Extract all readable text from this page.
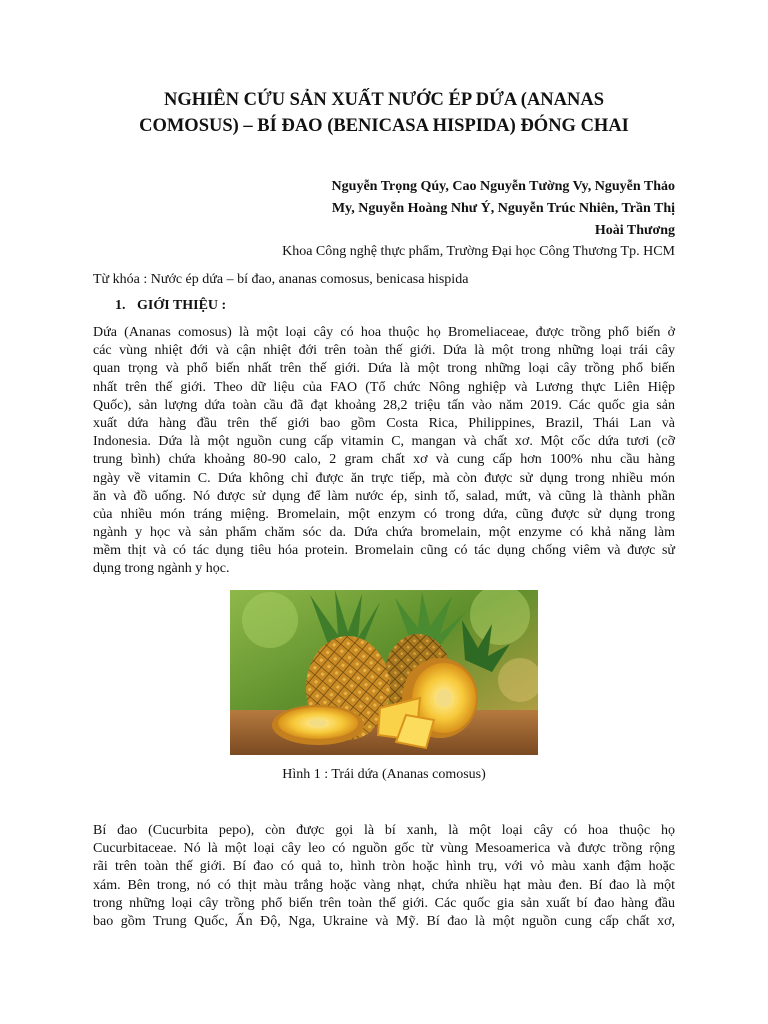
NGHIÊN CỨU SẢN XUẤT NƯỚC ÉP DỨA (ANANAS
COMOSUS) – BÍ ĐAO (BENICASA HISPIDA) ĐÓNG CHAI
Nguyễn Trọng Qúy, Cao Nguyễn Tường Vy, Nguyễn Thảo
My, Nguyễn Hoàng Như Ý, Nguyễn Trúc Nhiên, Trần Thị
Hoài Thương
Khoa Công nghệ thực phẩm, Trường Đại học Công Thương Tp. HCM
Từ khóa : Nước ép dứa – bí đao, ananas comosus, benicasa hispida
1. GIỚI THIỆU :
Dứa (Ananas comosus) là một loại cây có hoa thuộc họ Bromeliaceae, được trồng phổ biến ở
các vùng nhiệt đới và cận nhiệt đới trên toàn thế giới. Dứa là một trong những loại trái cây
quan trọng và phổ biến nhất trên thế giới. Dứa là một trong những loại cây trồng phổ biến
nhất trên thế giới. Theo dữ liệu của FAO (Tổ chức Nông nghiệp và Lương thực Liên Hiệp
Quốc), sản lượng dứa toàn cầu đã đạt khoảng 28,2 triệu tấn vào năm 2019. Các quốc gia sản
xuất dứa hàng đầu trên thế giới bao gồm Costa Rica, Philippines, Brazil, Thái Lan và
Indonesia. Dứa là một nguồn cung cấp vitamin C, mangan và chất xơ. Một cốc dứa tươi (cỡ
trung bình) chứa khoảng 80-90 calo, 2 gram chất xơ và cung cấp hơn 100% nhu cầu hàng
ngày về vitamin C. Dứa không chỉ được ăn trực tiếp, mà còn được sử dụng trong nhiều món
ăn và đồ uống. Nó được sử dụng để làm nước ép, sinh tố, salad, mứt, và cũng là thành phần
của nhiều món tráng miệng. Bromelain, một enzym có trong dứa, cũng được sử dụng trong
ngành y học và sản phẩm chăm sóc da. Dứa chứa bromelain, một enzyme có khả năng làm
mềm thịt và có tác dụng tiêu hóa protein. Bromelain cũng có tác dụng chống viêm và được sử
dụng trong ngành y học.
Hình 1 : Trái dứa (Ananas comosus)
Bí đao (Cucurbita pepo), còn được gọi là bí xanh, là một loại cây có hoa thuộc họ
Cucurbitaceae. Nó là một loại cây leo có nguồn gốc từ vùng Mesoamerica và được trồng rộng
rãi trên toàn thế giới. Bí đao có quả to, hình tròn hoặc hình trụ, với vỏ màu xanh đậm hoặc
xám. Bên trong, nó có thịt màu trắng hoặc vàng nhạt, chứa nhiều hạt màu đen. Bí đao là một
trong những loại cây trồng phổ biến trên toàn thế giới. Các quốc gia sản xuất bí đao hàng đầu
bao gồm Trung Quốc, Ấn Độ, Nga, Ukraine và Mỹ. Bí đao là một nguồn cung cấp chất xơ,
